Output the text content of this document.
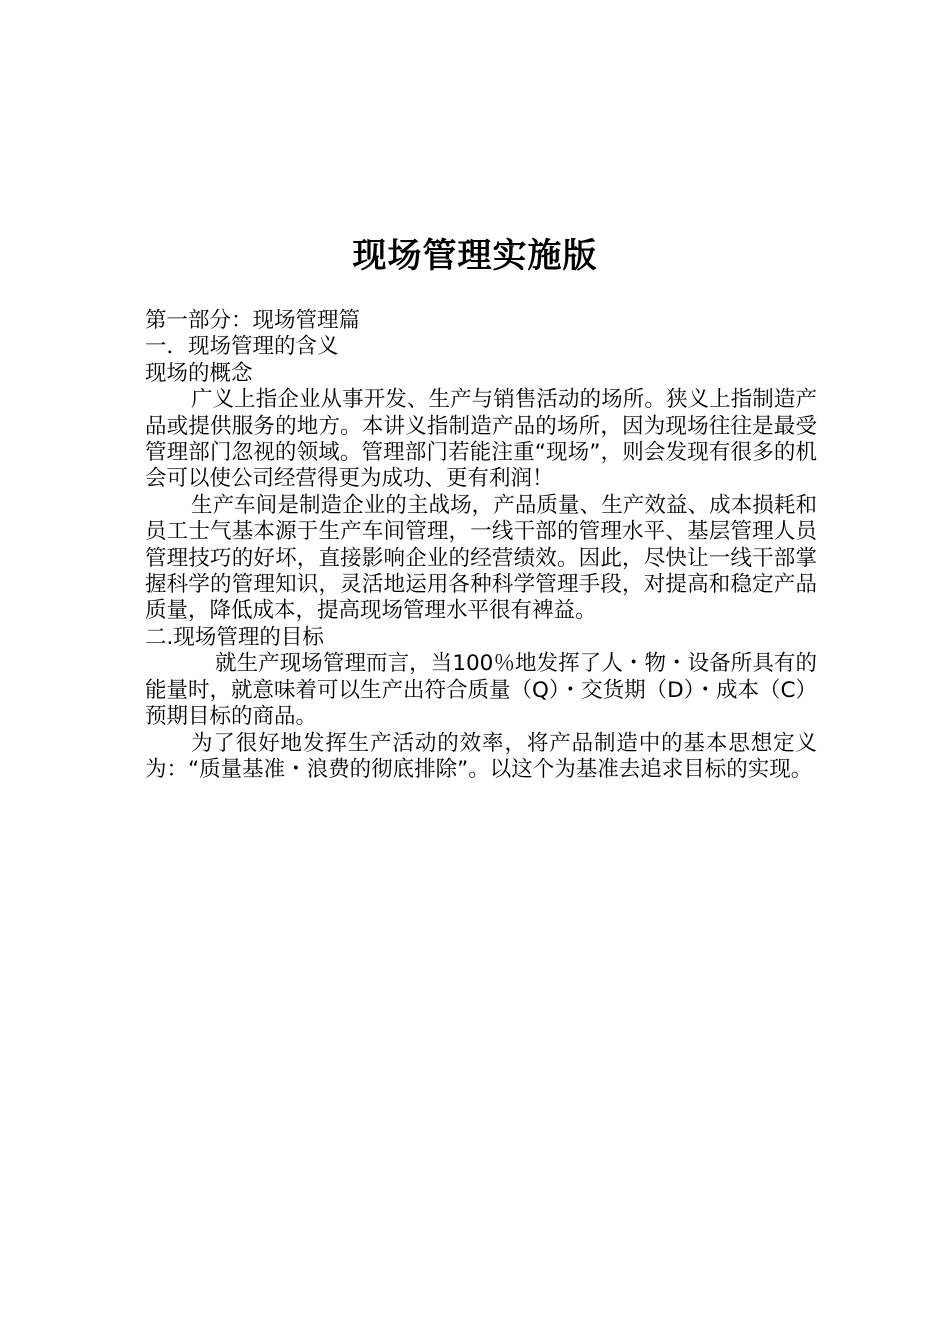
现场管理实施版

第一部分：现场管理篇

一．现场管理的含义

现场的概念

广义上指企业从事开发、生产与销售活动的场所。狭义上指制造产品或提供服务的地方。本讲义指制造产品的场所，因为现场往往是最受管理部门忽视的领域。管理部门若能注重“现场”，则会发现有很多的机会可以使公司经营得更为成功、更有利润！

生产车间是制造企业的主战场，产品质量、生产效益、成本损耗和员工士气基本源于生产车间管理，一线干部的管理水平、基层管理人员管理技巧的好坏，直接影响企业的经营绩效。因此，尽快让一线干部掌握科学的管理知识，灵活地运用各种科学管理手段，对提高和稳定产品质量，降低成本，提高现场管理水平很有裨益。

二.现场管理的目标

就生产现场管理而言，当100％地发挥了人・物・设备所具有的能量时，就意味着可以生产出符合质量（Q）・交货期（D）・成本（C）预期目标的商品。

为了很好地发挥生产活动的效率，将产品制造中的基本思想定义为：“质量基准・浪费的彻底排除”。以这个为基准去追求目标的实现。
